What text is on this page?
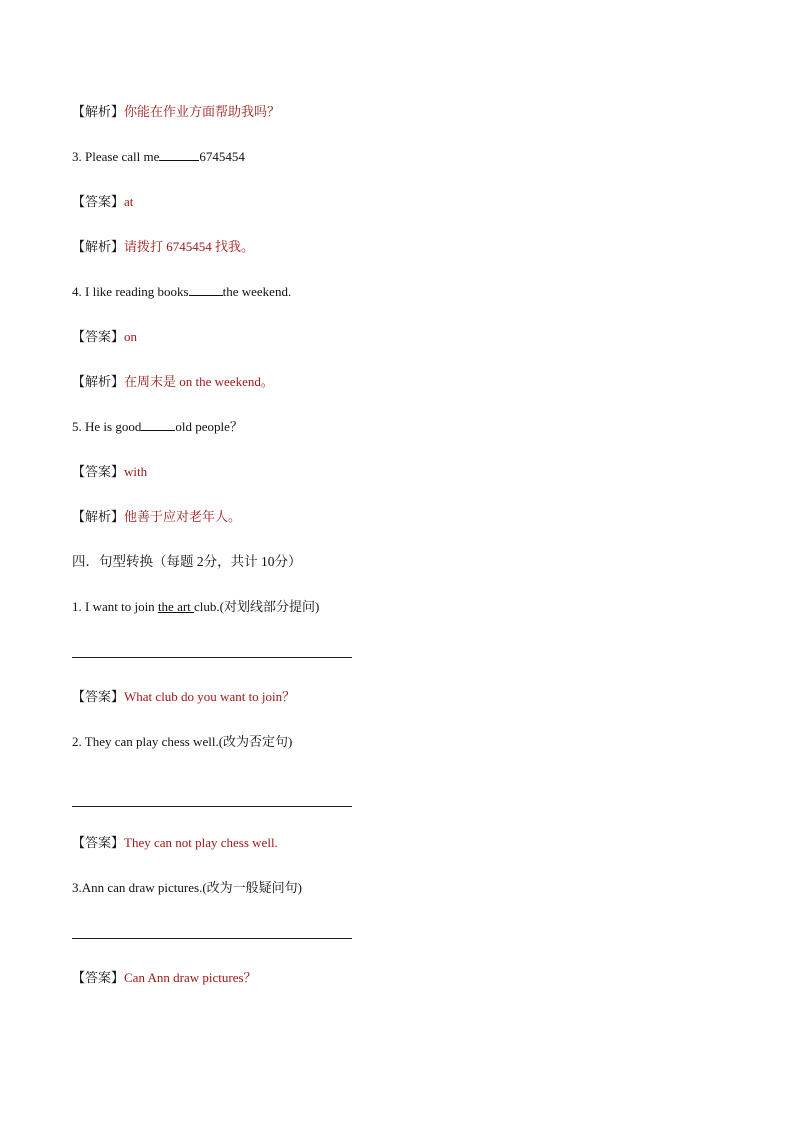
【解析】你能在作业方面帮助我吗？
3. Please call me	6745454
【答案】at
【解析】请拨打 6745454 找我。
4. I like reading books	the weekend.
【答案】on
【解析】在周末是 on the weekend。
5. He is good	old people？
【答案】with
【解析】他善于应对老年人。
四．句型转换（每题 2分，共计 10分）
1. I want to join the art club.(对划线部分提问)
【答案】What club do you want to join？
2. They can play chess well.(改为否定句)
【答案】They can not play chess well.
3.Ann can draw pictures.(改为一般疑问句)
【答案】Can Ann draw pictures？
